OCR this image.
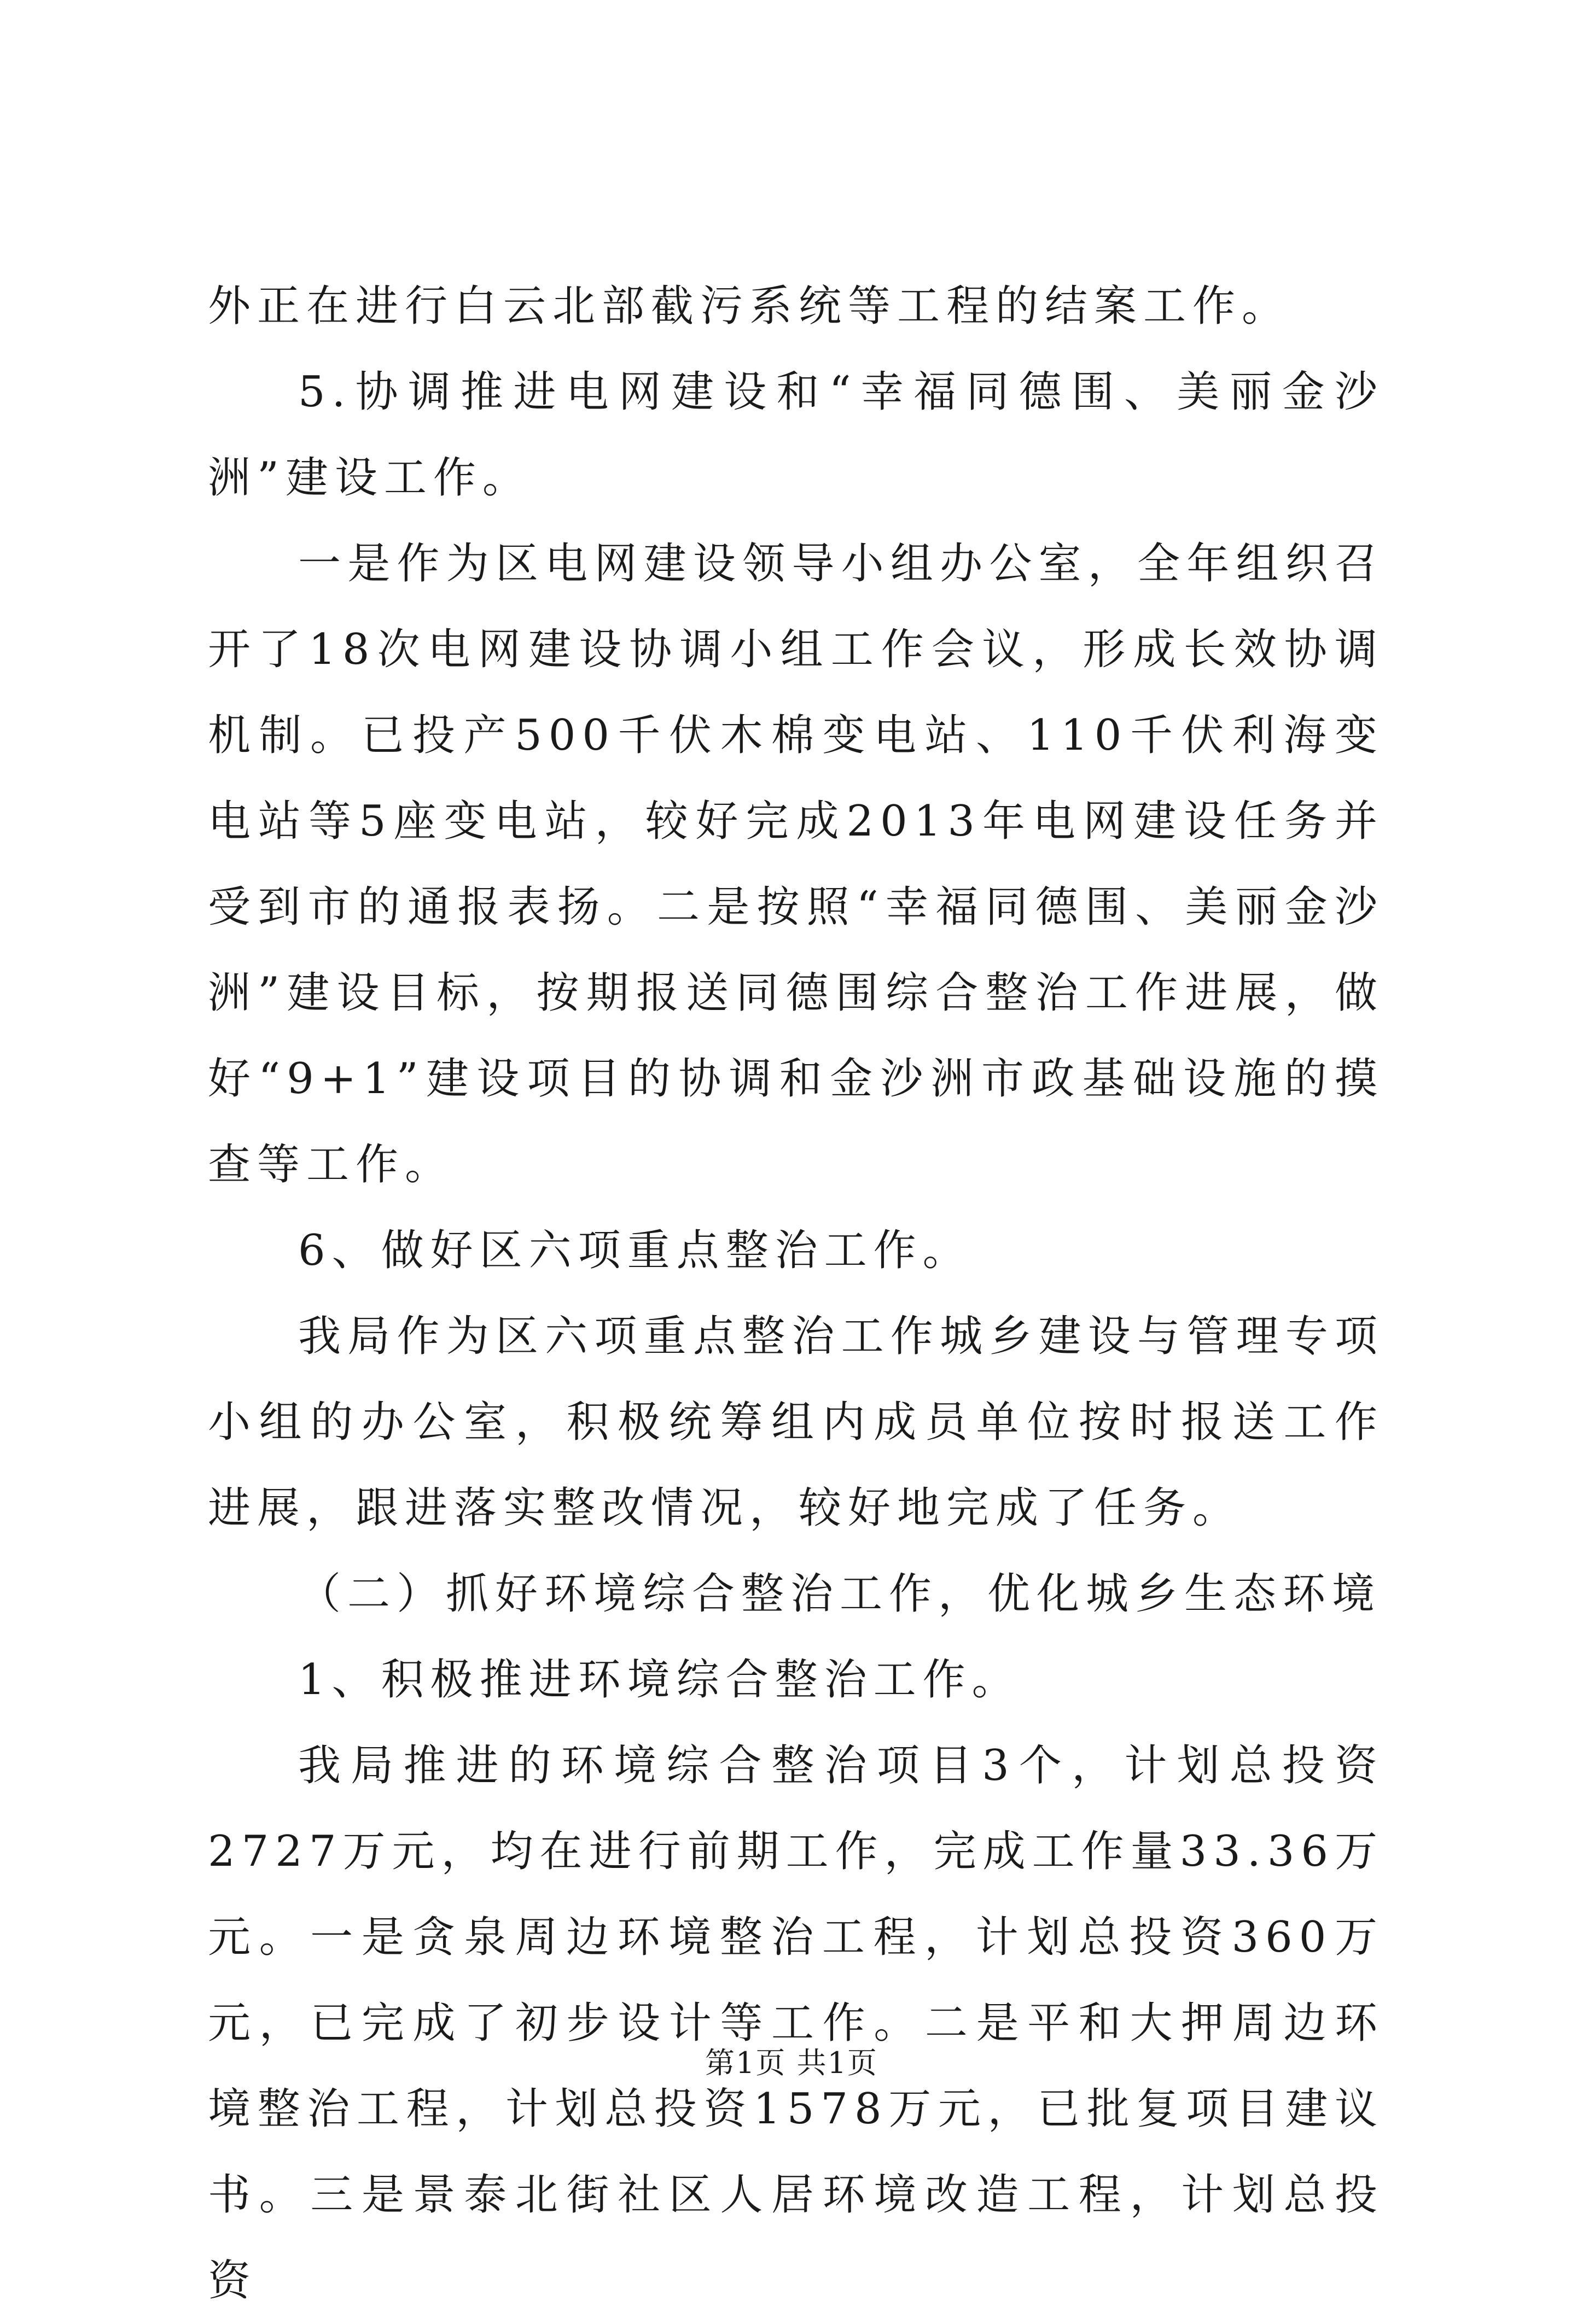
外正在进行白云北部截污系统等工程的结案工作。

5.协调推进电网建设和“幸福同德围、美丽金沙洲”建设工作。

一是作为区电网建设领导小组办公室，全年组织召开了18次电网建设协调小组工作会议，形成长效协调机制。已投产500千伏木棉变电站、110千伏利海变电站等5座变电站，较好完成2013年电网建设任务并受到市的通报表扬。二是按照“幸福同德围、美丽金沙洲”建设目标，按期报送同德围综合整治工作进展，做好“9+1”建设项目的协调和金沙洲市政基础设施的摸查等工作。

6、做好区六项重点整治工作。

我局作为区六项重点整治工作城乡建设与管理专项小组的办公室，积极统筹组内成员单位按时报送工作进展，跟进落实整改情况，较好地完成了任务。

（二）抓好环境综合整治工作，优化城乡生态环境

1、积极推进环境综合整治工作。

我局推进的环境综合整治项目3个，计划总投资2727万元，均在进行前期工作，完成工作量33.36万元。一是贪泉周边环境整治工程，计划总投资360万元，已完成了初步设计等工作。二是平和大押周边环境整治工程，计划总投资1578万元，已批复项目建议书。三是景泰北街社区人居环境改造工程，计划总投资

第1页 共1页
